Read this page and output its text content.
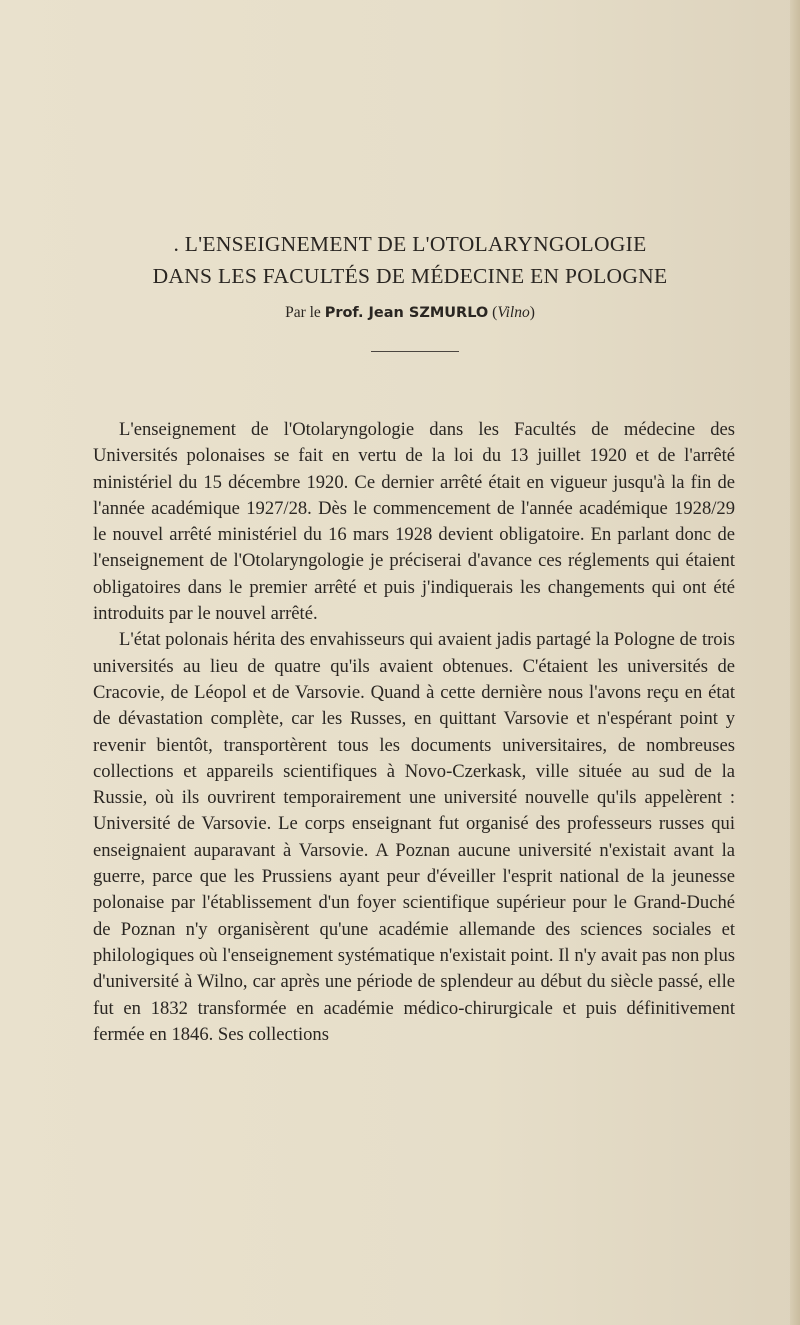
. L'ENSEIGNEMENT DE L'OTOLARYNGOLOGIE
DANS LES FACULTÉS DE MÉDECINE EN POLOGNE
Par le Prof. Jean SZMURLO (Vilno)

L'enseignement de l'Otolaryngologie dans les Facultés de médecine des Universités polonaises se fait en vertu de la loi du 13 juillet 1920 et de l'arrêté ministériel du 15 décembre 1920. Ce dernier arrêté était en vigueur jusqu'à la fin de l'année académique 1927/28. Dès le commencement de l'année académique 1928/29 le nouvel arrêté ministériel du 16 mars 1928 devient obligatoire. En parlant donc de l'enseignement de l'Otolaryngologie je préciserai d'avance ces réglements qui étaient obligatoires dans le premier arrêté et puis j'indiquerais les changements qui ont été introduits par le nouvel arrêté.

L'état polonais hérita des envahisseurs qui avaient jadis partagé la Pologne de trois universités au lieu de quatre qu'ils avaient obtenues. C'étaient les universités de Cracovie, de Léopol et de Varsovie. Quand à cette dernière nous l'avons reçu en état de dévastation complète, car les Russes, en quittant Varsovie et n'espérant point y revenir bientôt, transportèrent tous les documents universitaires, de nombreuses collections et appareils scientifiques à Novo-Czerkask, ville située au sud de la Russie, où ils ouvrirent temporairement une université nouvelle qu'ils appelèrent : Université de Varsovie. Le corps enseignant fut organisé des professeurs russes qui enseignaient auparavant à Varsovie. A Poznan aucune université n'existait avant la guerre, parce que les Prussiens ayant peur d'éveiller l'esprit national de la jeunesse polonaise par l'établissement d'un foyer scientifique supérieur pour le Grand-Duché de Poznan n'y organisèrent qu'une académie allemande des sciences sociales et philologiques où l'enseignement systématique n'existait point. Il n'y avait pas non plus d'université à Wilno, car après une période de splendeur au début du siècle passé, elle fut en 1832 transformée en académie médico-chirurgicale et puis définitivement fermée en 1846. Ses collections
